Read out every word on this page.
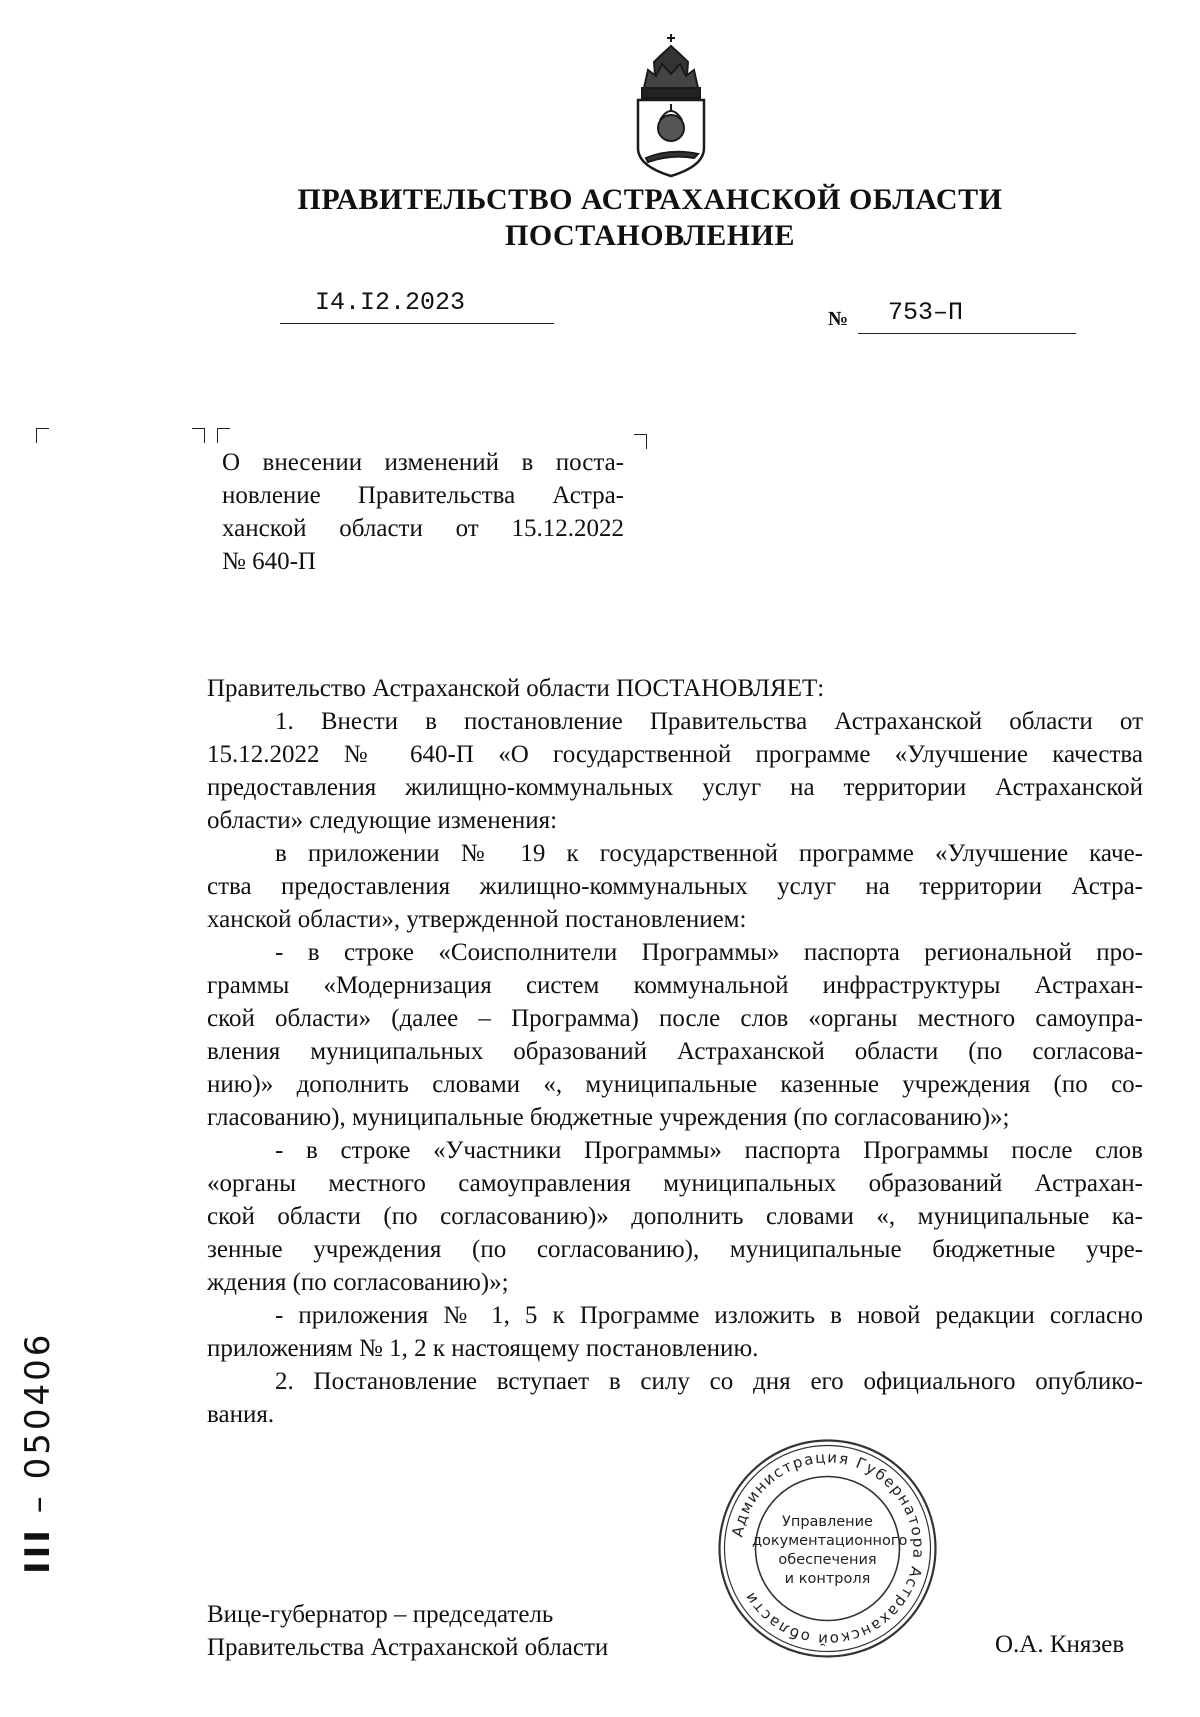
ПРАВИТЕЛЬСТВО АСТРАХАНСКОЙ ОБЛАСТИ
ПОСТАНОВЛЕНИЕ
I4.I2.2023
№ 753–П
О внесении изменений в поста-
новление Правительства Астра-
ханской области от 15.12.2022
№ 640-П
Правительство Астраханской области ПОСТАНОВЛЯЕТ:
1. Внести в постановление Правительства Астраханской области от
15.12.2022 № 640-П «О государственной программе «Улучшение качества
предоставления жилищно-коммунальных услуг на территории Астраханской
области» следующие изменения:
в приложении № 19 к государственной программе «Улучшение каче-
ства предоставления жилищно-коммунальных услуг на территории Астра-
ханской области», утвержденной постановлением:
- в строке «Соисполнители Программы» паспорта региональной про-
граммы «Модернизация систем коммунальной инфраструктуры Астрахан-
ской области» (далее – Программа) после слов «органы местного самоупра-
вления муниципальных образований Астраханской области (по согласова-
нию)» дополнить словами «, муниципальные казенные учреждения (по со-
гласованию), муниципальные бюджетные учреждения (по согласованию)»;
- в строке «Участники Программы» паспорта Программы после слов
«органы местного самоуправления муниципальных образований Астрахан-
ской области (по согласованию)» дополнить словами «, муниципальные ка-
зенные учреждения (по согласованию), муниципальные бюджетные учре-
ждения (по согласованию)»;
- приложения № 1, 5 к Программе изложить в новой редакции согласно
приложениям № 1, 2 к настоящему постановлению.
2. Постановление вступает в силу со дня его официального опублико-
вания.
Вице-губернатор – председатель
Правительства Астраханской области	О.А. Князев
Администрация Губернатора Астраханской области
Управление
документационного
обеспечения
и контроля
III – 050406
